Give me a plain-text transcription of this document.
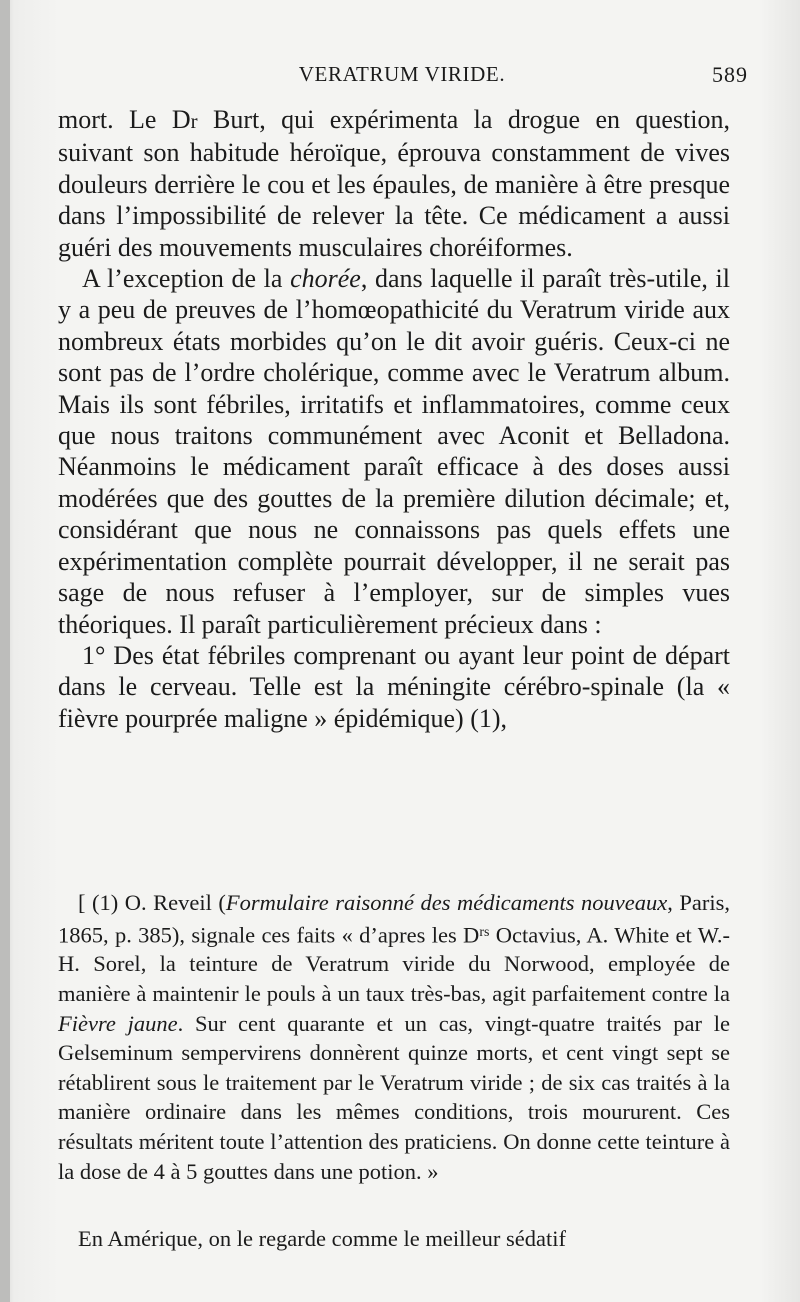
VERATRUM VIRIDE.	589

mort. Le Dr Burt, qui expérimenta la drogue en question, suivant son habitude héroïque, éprouva constamment de vives douleurs derrière le cou et les épaules, de manière à être presque dans l’impossibilité de relever la tête. Ce médicament a aussi guéri des mouvements musculaires choréiformes.

A l’exception de la chorée, dans laquelle il paraît très-utile, il y a peu de preuves de l’homœopathicité du Veratrum viride aux nombreux états morbides qu’on le dit avoir guéris. Ceux-ci ne sont pas de l’ordre cholérique, comme avec le Veratrum album. Mais ils sont fébriles, irritatifs et inflammatoires, comme ceux que nous traitons communément avec Aconit et Belladona. Néanmoins le médicament paraît efficace à des doses aussi modérées que des gouttes de la première dilution décimale; et, considérant que nous ne connaissons pas quels effets une expérimentation complète pourrait développer, il ne serait pas sage de nous refuser à l’employer, sur de simples vues théoriques. Il paraît particulièrement précieux dans :

1° Des état fébriles comprenant ou ayant leur point de départ dans le cerveau. Telle est la méningite cérébro-spinale (la « fièvre pourprée maligne » épidémique) (1),

[ (1) O. Reveil (Formulaire raisonné des médicaments nouveaux, Paris, 1865, p. 385), signale ces faits « d’apres les $D^{rs}$ Octavius, A. White et W.-H. Sorel, la teinture de Veratrum viride du Norwood, employée de manière à maintenir le pouls à un taux très-bas, agit parfaitement contre la Fièvre jaune. Sur cent quarante et un cas, vingt-quatre traités par le Gelseminum sempervirens donnèrent quinze morts, et cent vingt sept se rétablirent sous le traitement par le Veratrum viride ; de six cas traités à la manière ordinaire dans les mêmes conditions, trois moururent. Ces résultats méritent toute l’attention des praticiens. On donne cette teinture à la dose de 4 à 5 gouttes dans une potion. »

En Amérique, on le regarde comme le meilleur sédatif
